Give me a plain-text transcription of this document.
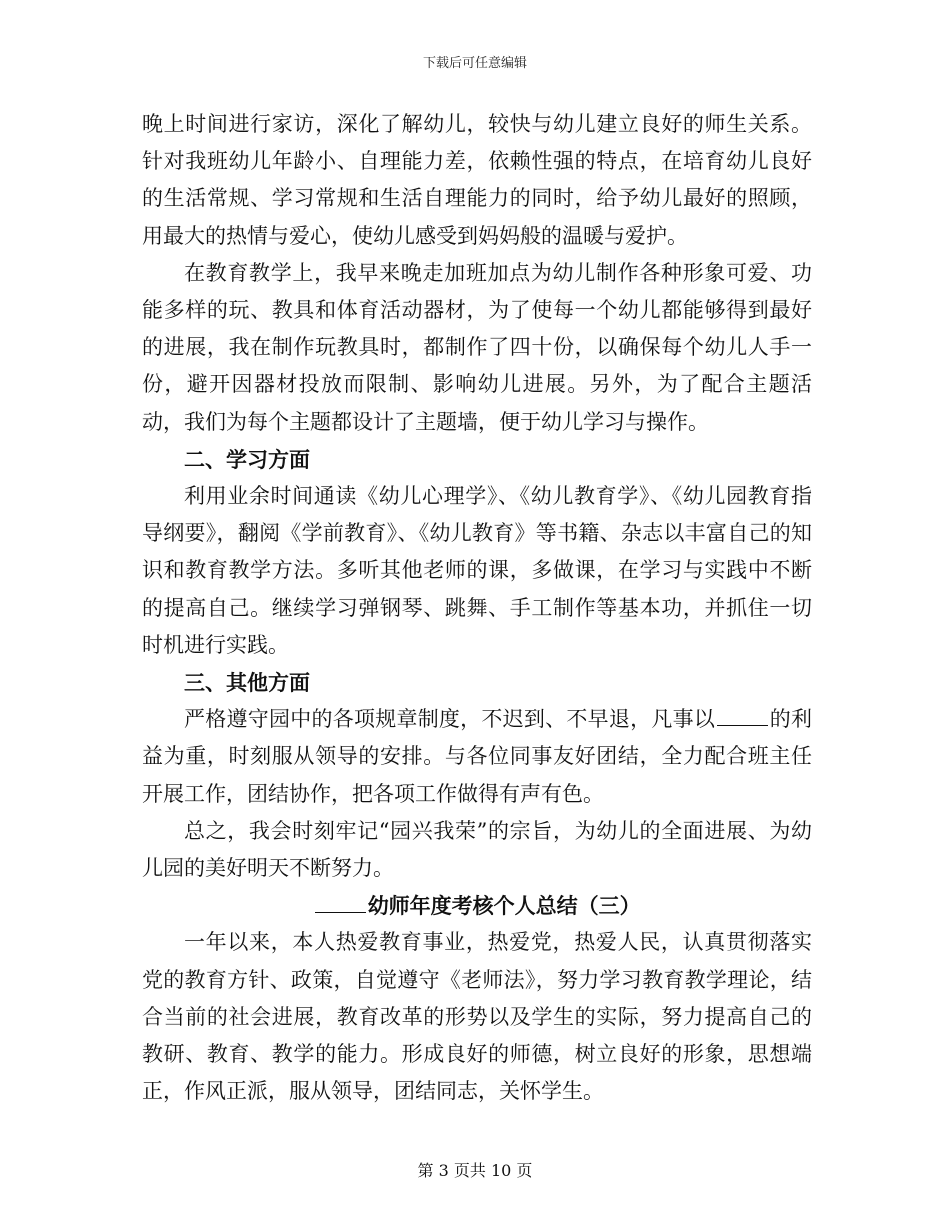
下载后可任意编辑

晚上时间进行家访，深化了解幼儿，较快与幼儿建立良好的师生关系。针对我班幼儿年龄小、自理能力差，依赖性强的特点，在培育幼儿良好的生活常规、学习常规和生活自理能力的同时，给予幼儿最好的照顾，用最大的热情与爱心，使幼儿感受到妈妈般的温暖与爱护。

在教育教学上，我早来晚走加班加点为幼儿制作各种形象可爱、功能多样的玩、教具和体育活动器材，为了使每一个幼儿都能够得到最好的进展，我在制作玩教具时，都制作了四十份，以确保每个幼儿人手一份，避开因器材投放而限制、影响幼儿进展。另外，为了配合主题活动，我们为每个主题都设计了主题墙，便于幼儿学习与操作。

二、学习方面

利用业余时间通读《幼儿心理学》、《幼儿教育学》、《幼儿园教育指导纲要》，翻阅《学前教育》、《幼儿教育》等书籍、杂志以丰富自己的知识和教育教学方法。多听其他老师的课，多做课，在学习与实践中不断的提高自己。继续学习弹钢琴、跳舞、手工制作等基本功，并抓住一切时机进行实践。

三、其他方面

严格遵守园中的各项规章制度，不迟到、不早退，凡事以	的利益为重，时刻服从领导的安排。与各位同事友好团结，全力配合班主任开展工作，团结协作，把各项工作做得有声有色。

总之，我会时刻牢记“园兴我荣”的宗旨，为幼儿的全面进展、为幼儿园的美好明天不断努力。

幼师年度考核个人总结（三）

一年以来，本人热爱教育事业，热爱党，热爱人民，认真贯彻落实党的教育方针、政策，自觉遵守《老师法》，努力学习教育教学理论，结合当前的社会进展，教育改革的形势以及学生的实际，努力提高自己的教研、教育、教学的能力。形成良好的师德，树立良好的形象，思想端正，作风正派，服从领导，团结同志，关怀学生。

第 3 页共 10 页
